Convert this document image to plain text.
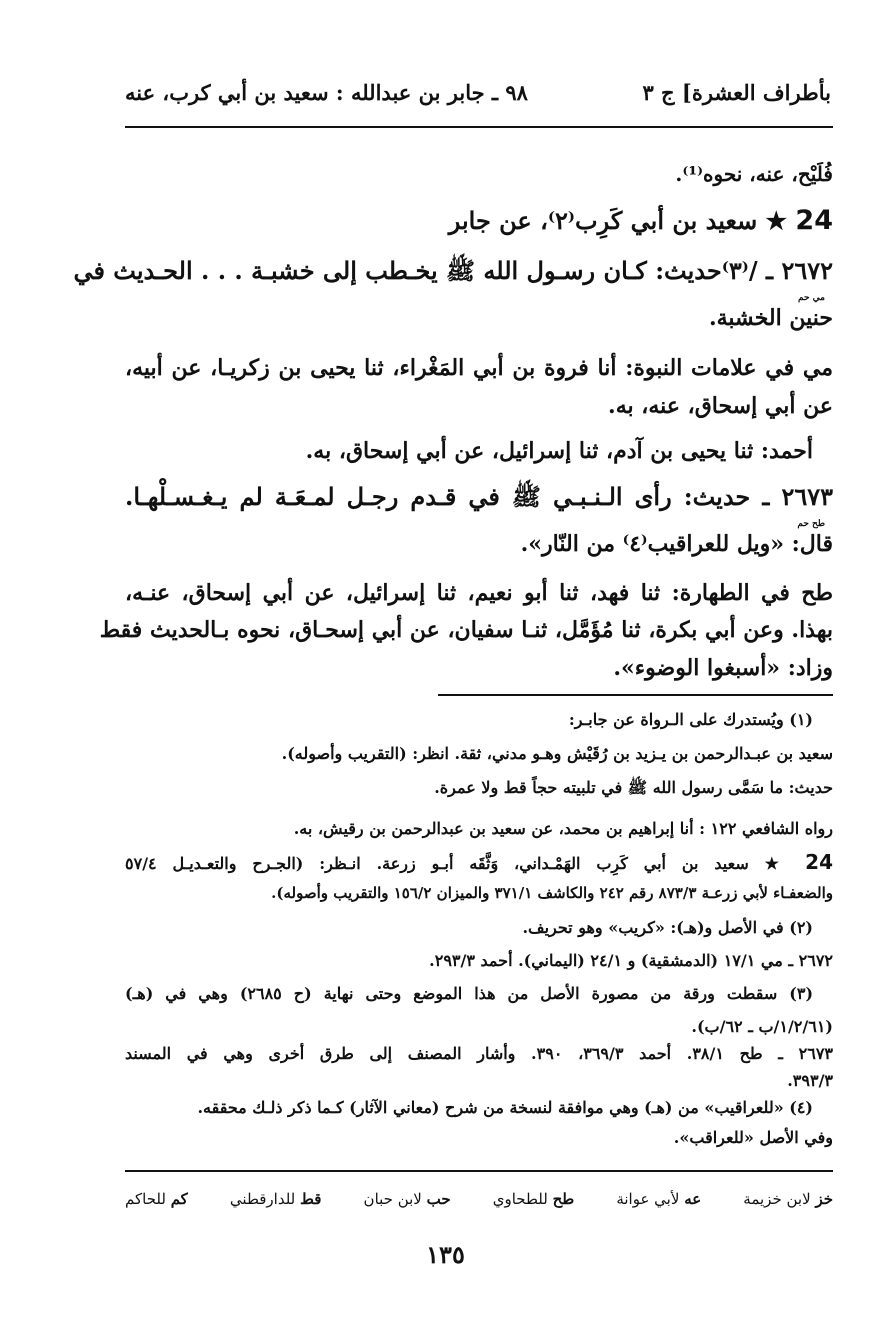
بأطراف العشرة] ج ٣
٩٨ ـ جابر بن عبدالله : سعيد بن أبي كرب، عنه
فُلَيْح، عنه، نحوه⁽¹⁾.
24 ★ سعيد بن أبي كَرِب⁽٢⁾، عن جابر
٢٦٧٢ ـ /⁽٣⁾حديث: كـان رسـول الله ﷺ يخـطب إلى خشبـة . . . الحـديث في
مي حم
حنين الخشبة.
مي في علامات النبوة: أنا فروة بن أبي المَغْراء، ثنا يحيى بن زكريـا، عن أبيه،
عن أبي إسحاق، عنه، به.
أحمد: ثنا يحيى بن آدم، ثنا إسرائيل، عن أبي إسحاق، به.
٢٦٧٣ ـ حديث: رأى الـنـبـي ﷺ في قـدم رجـل لمـعَـة لم يـغـسـلْهـا.
طح حم
قال: «ويل للعراقيب⁽٤⁾ من النّار».
طح في الطهارة: ثنا فهد، ثنا أبو نعيم، ثنا إسرائيل، عن أبي إسحاق، عنـه،
بهذا. وعن أبي بكرة، ثنا مُؤَمَّل، ثنـا سفيان، عن أبي إسحـاق، نحوه بـالحديث فقط
وزاد: «أسبغوا الوضوء».
(١) ويُستدرك على الـرواة عن جابـر:
سعيد بن عبـدالرحمن بن يـزيد بن رُقَيْش وهـو مدني، ثقة. انظر: (التقريب وأصوله).
حديث: ما سَمَّى رسول الله ﷺ في تلبيته حجاً قط ولا عمرة.
رواه الشافعي ١٢٢ : أنا إبراهيم بن محمد، عن سعيد بن عبدالرحمن بن رقيش، به.
24 ★ سعيد بن أبي كَرِب الهَمْـداني، وَثَّقَه أبـو زرعة. انـظر: (الجـرح والتعـديـل ٥٧/٤
والضعفـاء لأبي زرعـة ٨٧٣/٣ رقم ٢٤٢ والكاشف ٣٧١/١ والميزان ١٥٦/٢ والتقريب وأصوله).
(٢) في الأصل و(هـ): «كريب» وهو تحريف.
٢٦٧٢ ـ مي ١٧/١ (الدمشقية) و ٢٤/١ (اليماني). أحمد ٢٩٣/٣.
(٣) سقطت ورقة من مصورة الأصل من هذا الموضع وحتى نهاية (ح ٢٦٨٥) وهي في (هـ)
(١/٢/٦١/ب ـ ٦٢/ب).
٢٦٧٣ ـ طح ٣٨/١. أحمد ٣٦٩/٣، ٣٩٠. وأشار المصنف إلى طرق أخرى وهي في المسند
٣٩٣/٣.
(٤) «للعراقيب» من (هـ) وهي موافقة لنسخة من شرح (معاني الآثار) كـما ذكر ذلـك محققه.
وفي الأصل «للعراقب».
خز لابن خزيمة
عه لأبي عوانة
طح للطحاوي
حب لابن حبان
قط للدارقطني
كم للحاكم
١٣٥
